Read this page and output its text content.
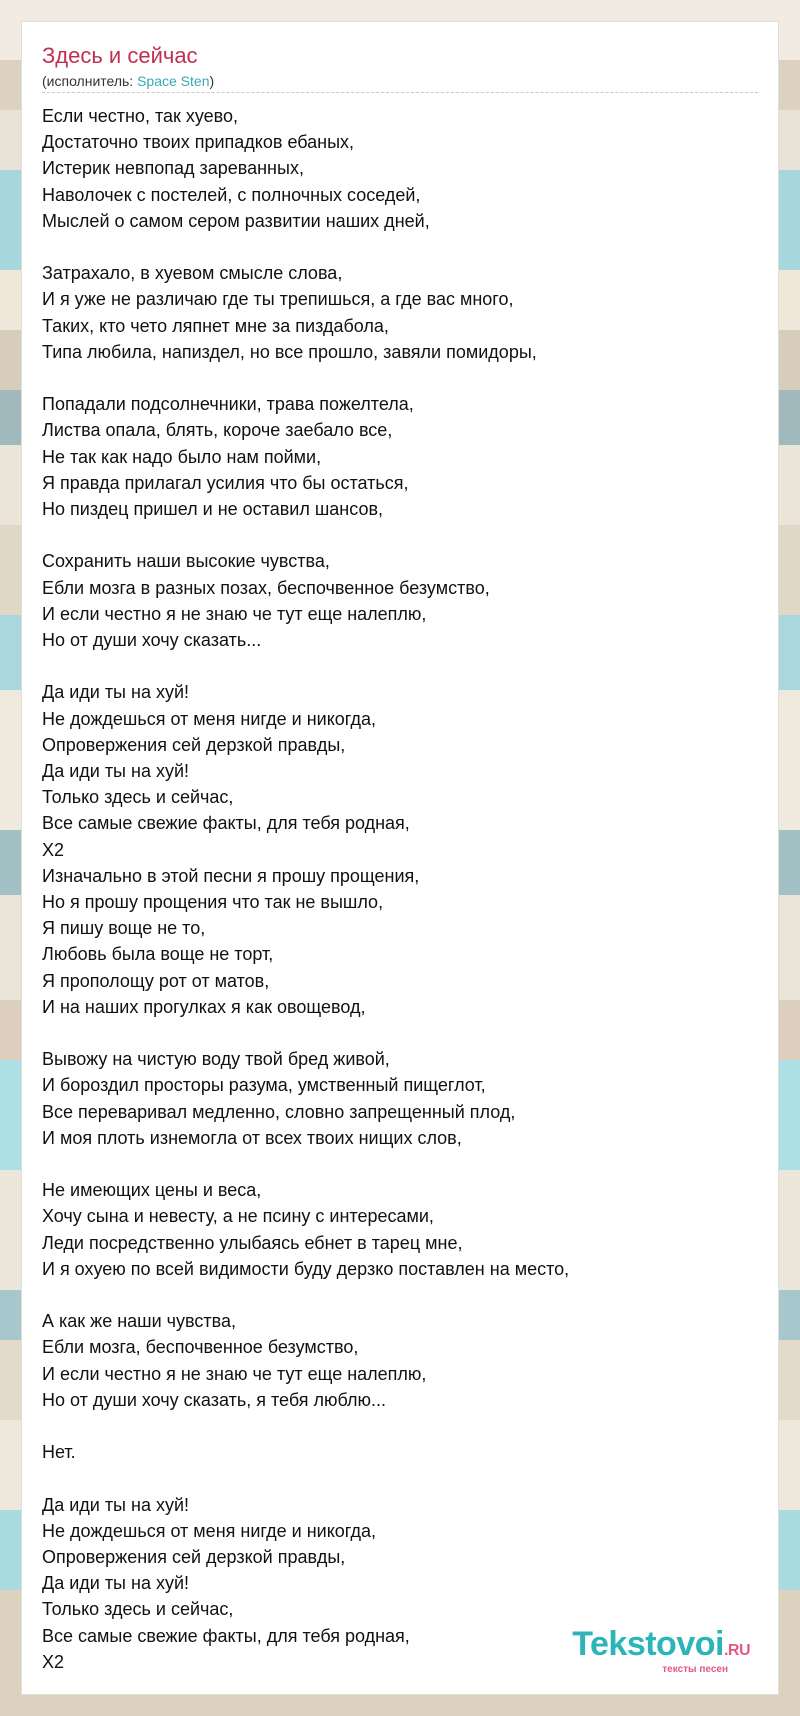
Здесь и сейчас
(исполнитель: Space Sten)
Если честно, так хуево,
Достаточно твоих припадков ебаных,
Истерик невпопад зареванных,
Наволочек с постелей, с полночных соседей,
Мыслей о самом сером развитии наших дней,
Затрахало, в хуевом смысле слова,
И я уже не различаю где ты трепишься, а где вас много,
Таких, кто чето ляпнет мне за пиздабола,
Типа любила, напиздел, но все прошло, завяли помидоры,
Попадали подсолнечники, трава пожелтела,
Листва опала, блять, короче заебало все,
Не так как надо было нам пойми,
Я правда прилагал усилия что бы остаться,
Но пиздец пришел и не оставил шансов,
Сохранить наши высокие чувства,
Ебли мозга в разных позах, беспочвенное безумство,
И если честно я не знаю че тут еще налеплю,
Но от души хочу сказать...
Да иди ты на хуй!
Не дождешься от меня нигде и никогда,
Опровержения сей дерзкой правды,
Да иди ты на хуй!
Только здесь и сейчас,
Все самые свежие факты, для тебя родная,
Х2
Изначально в этой песни я прошу прощения,
Но я прошу прощения что так не вышло,
Я пишу воще не то,
Любовь была воще не торт,
Я прополощу рот от матов,
И на наших прогулках я как овощевод,
Вывожу на чистую воду твой бред живой,
И бороздил просторы разума, умственный пищеглот,
Все переваривал медленно, словно запрещенный плод,
И моя плоть изнемогла от всех твоих нищих слов,
Не имеющих цены и веса,
Хочу сына и невесту, а не псину с интересами,
Леди посредственно улыбаясь ебнет в тарец мне,
И я охуею по всей видимости буду дерзко поставлен на место,
А как же наши чувства,
Ебли мозга, беспочвенное безумство,
И если честно я не знаю че тут еще налеплю,
Но от души хочу сказать, я тебя люблю...
Нет.
Да иди ты на хуй!
Не дождешься от меня нигде и никогда,
Опровержения сей дерзкой правды,
Да иди ты на хуй!
Только здесь и сейчас,
Все самые свежие факты, для тебя родная,
Х2	Tekstovoi.RU
тексты песен
